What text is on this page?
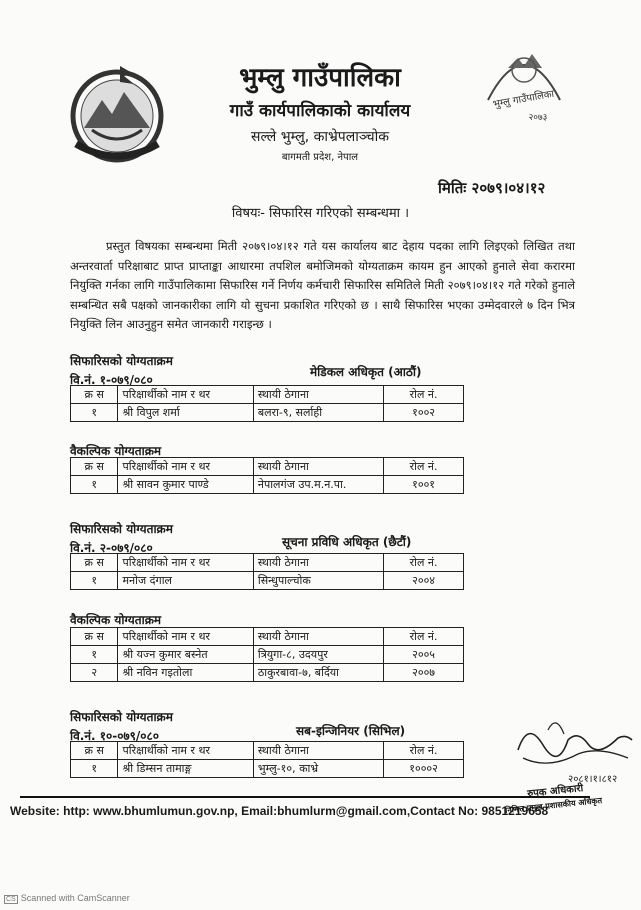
भुम्लु गाउँपालिका
२०७३
भुम्लु गाउँपालिका
गाउँ कार्यपालिकाको कार्यालय
सल्ले भुम्लु, काभ्रेपलाञ्चोक
बागमती प्रदेश, नेपाल
मितिः २०७९।०४।१२
विषयः- सिफारिस गरिएको सम्बन्धमा ।
प्रस्तुत विषयका सम्बन्धमा मिती २०७९।०४।१२ गते यस कार्यालय बाट देहाय पदका लागि लिइएको लिखित तथा अन्तरवार्ता परिक्षाबाट प्राप्त प्राप्ताङ्का आधारमा तपशिल बमोजिमको योग्यताक्रम कायम हुन आएको हुनाले सेवा करारमा नियुक्ति गर्नका लागि गाउँपालिकामा सिफारिस गर्ने निर्णय कर्मचारी सिफारिस समितिले मिती २०७९।०४।१२ गते गरेको हुनाले सम्बन्धित सबै पक्षको जानकारीका लागि यो सुचना प्रकाशित गरिएको छ । साथै सिफारिस भएका उम्मेदवारले ७ दिन भित्र नियुक्ति लिन आउनुहुन समेत जानकारी गराइन्छ ।
सिफारिसको योग्यताक्रम
वि.नं. १-०७९/०८०
मेडिकल अधिकृत (आठौं)
क्र स	परिक्षार्थीको नाम र थर	स्थायी ठेगाना	रोल नं.
१	श्री विपुल शर्मा	बलरा-९, सर्लाही	१००२
वैकल्पिक योग्यताक्रम
क्र स	परिक्षार्थीको नाम र थर	स्थायी ठेगाना	रोल नं.
१	श्री सावन कुमार पाण्डे	नेपालगंज उप.म.न.पा.	१००१
सिफारिसको योग्यताक्रम
वि.नं. २-०७९/०८०	सूचना प्रविधि अधिकृत (छैटौं)
क्र स	परिक्षार्थीको नाम र थर	स्थायी ठेगाना	रोल नं.
१	मनोज दंगाल	सिन्धुपाल्चोक	२००४
वैकल्पिक योग्यताक्रम
क्र स	परिक्षार्थीको नाम र थर	स्थायी ठेगाना	रोल नं.
१	श्री यज्न कुमार बस्नेत	त्रियुगा-८, उदयपुर	२००५
२	श्री नविन गइतोला	ठाकुरबावा-७, बर्दिया	२००७
सिफारिसको योग्यताक्रम
वि.नं. १०-०७९/०८०	सब-इन्जिनियर (सिभिल)
क्र स	परिक्षार्थीको नाम र थर	स्थायी ठेगाना	रोल नं.
१	श्री डिम्सन तामाङ्ग	भुम्लु-१०, काभ्रे	१०००२
२०८१।१।८१२
रुपक अधिकारी
निमित्त प्रमुख प्रशासकीय अधिकृत
Website: http: www.bhumlumun.gov.np, Email:bhumlurm@gmail.com,Contact No: 9851219658
CS Scanned with CamScanner
